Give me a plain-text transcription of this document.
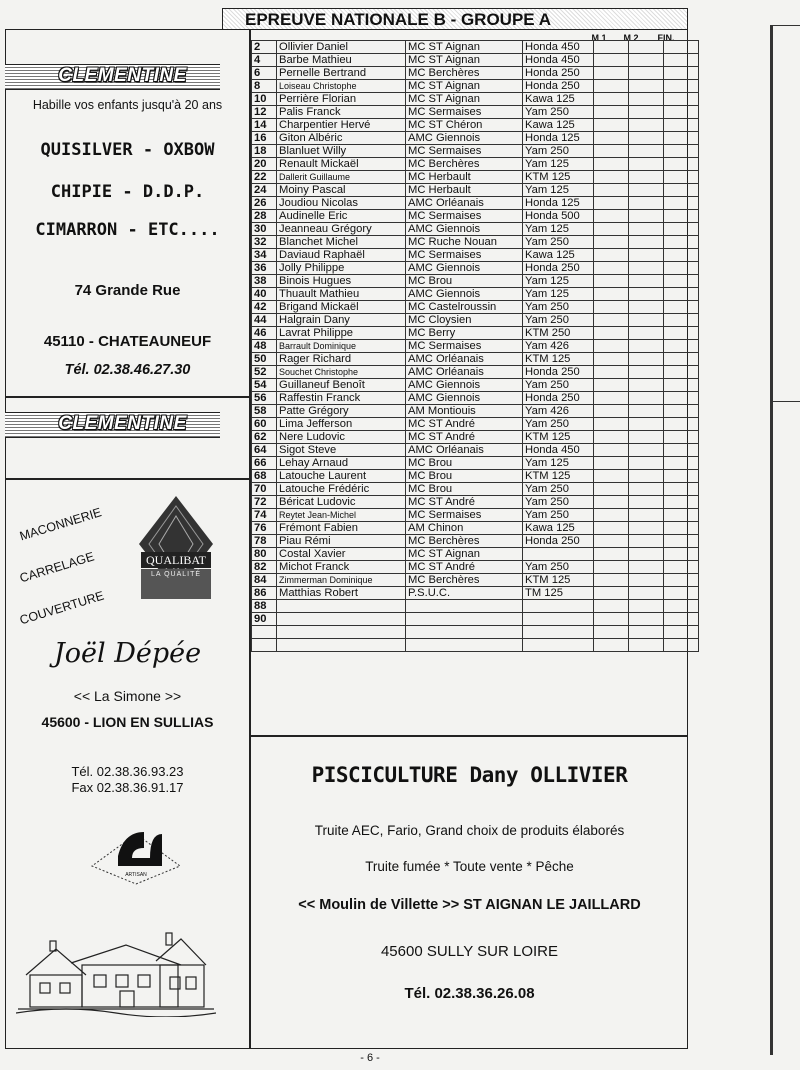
EPREUVE NATIONALE B - GROUPE A
M 1	M 2	FIN.
CLEMENTINE
Habille vos enfants jusqu'à 20 ans
QUISILVER - OXBOW
CHIPIE - D.D.P.
CIMARRON - ETC....
74 Grande Rue
45110 - CHATEAUNEUF
Tél. 02.38.46.27.30
CLEMENTINE
MACONNERIE
CARRELAGE
COUVERTURE
QUALIBAT
LA QUALITÉ
Joël Dépée
<< La Simone >>
45600 - LION EN SULLIAS
Tél. 02.38.36.93.23
Fax 02.38.36.91.17
ARTISAN
2	Ollivier Daniel	MC ST Aignan	Honda 450			
4	Barbe Mathieu	MC ST Aignan	Honda 450			
6	Pernelle Bertrand	MC Berchères	Honda 250			
8	Loiseau Christophe	MC ST Aignan	Honda 250			
10	Perrière Florian	MC ST Aignan	Kawa 125			
12	Palis Franck	MC Sermaises	Yam 250			
14	Charpentier Hervé	MC ST Chéron	Kawa 125			
16	Giton Albéric	AMC Giennois	Honda 125			
18	Blanluet Willy	MC Sermaises	Yam 250			
20	Renault Mickaël	MC Berchères	Yam 125			
22	Dallerit Guillaume	MC Herbault	KTM 125			
24	Moiny Pascal	MC Herbault	Yam 125			
26	Joudiou Nicolas	AMC Orléanais	Honda 125			
28	Audinelle Eric	MC Sermaises	Honda 500			
30	Jeanneau Grégory	AMC Giennois	Yam 125			
32	Blanchet Michel	MC Ruche Nouan	Yam 250			
34	Daviaud Raphaël	MC Sermaises	Kawa 125			
36	Jolly Philippe	AMC Giennois	Honda 250			
38	Binois Hugues	MC Brou	Yam 125			
40	Thuault Mathieu	AMC Giennois	Yam 125			
42	Brigand Mickaël	MC Castelroussin	Yam 250			
44	Halgrain Dany	MC Cloysien	Yam 250			
46	Lavrat Philippe	MC Berry	KTM 250			
48	Barrault Dominique	MC Sermaises	Yam 426			
50	Rager Richard	AMC Orléanais	KTM 125			
52	Souchet Christophe	AMC Orléanais	Honda 250			
54	Guillaneuf Benoît	AMC Giennois	Yam 250			
56	Raffestin Franck	AMC Giennois	Honda 250			
58	Patte Grégory	AM Montiouis	Yam 426			
60	Lima Jefferson	MC ST André	Yam 250			
62	Nere Ludovic	MC ST André	KTM 125			
64	Sigot Steve	AMC Orléanais	Honda 450			
66	Lehay Arnaud	MC Brou	Yam 125			
68	Latouche Laurent	MC Brou	KTM 125			
70	Latouche Frédéric	MC Brou	Yam 250			
72	Béricat Ludovic	MC ST André	Yam 250			
74	Reytet Jean-Michel	MC Sermaises	Yam 250			
76	Frémont Fabien	AM Chinon	Kawa 125			
78	Piau Rémi	MC Berchères	Honda 250			
80	Costal Xavier	MC ST Aignan				
82	Michot Franck	MC ST André	Yam 250			
84	Zimmerman Dominique	MC Berchères	KTM 125			
86	Matthias Robert	P.S.U.C.	TM 125			
88						
90						

PISCICULTURE Dany OLLIVIER
Truite AEC, Fario, Grand choix de produits élaborés
Truite fumée * Toute vente * Pêche
<< Moulin de Villette >> ST AIGNAN LE JAILLARD
45600 SULLY SUR LOIRE
Tél. 02.38.36.26.08
- 6 -
